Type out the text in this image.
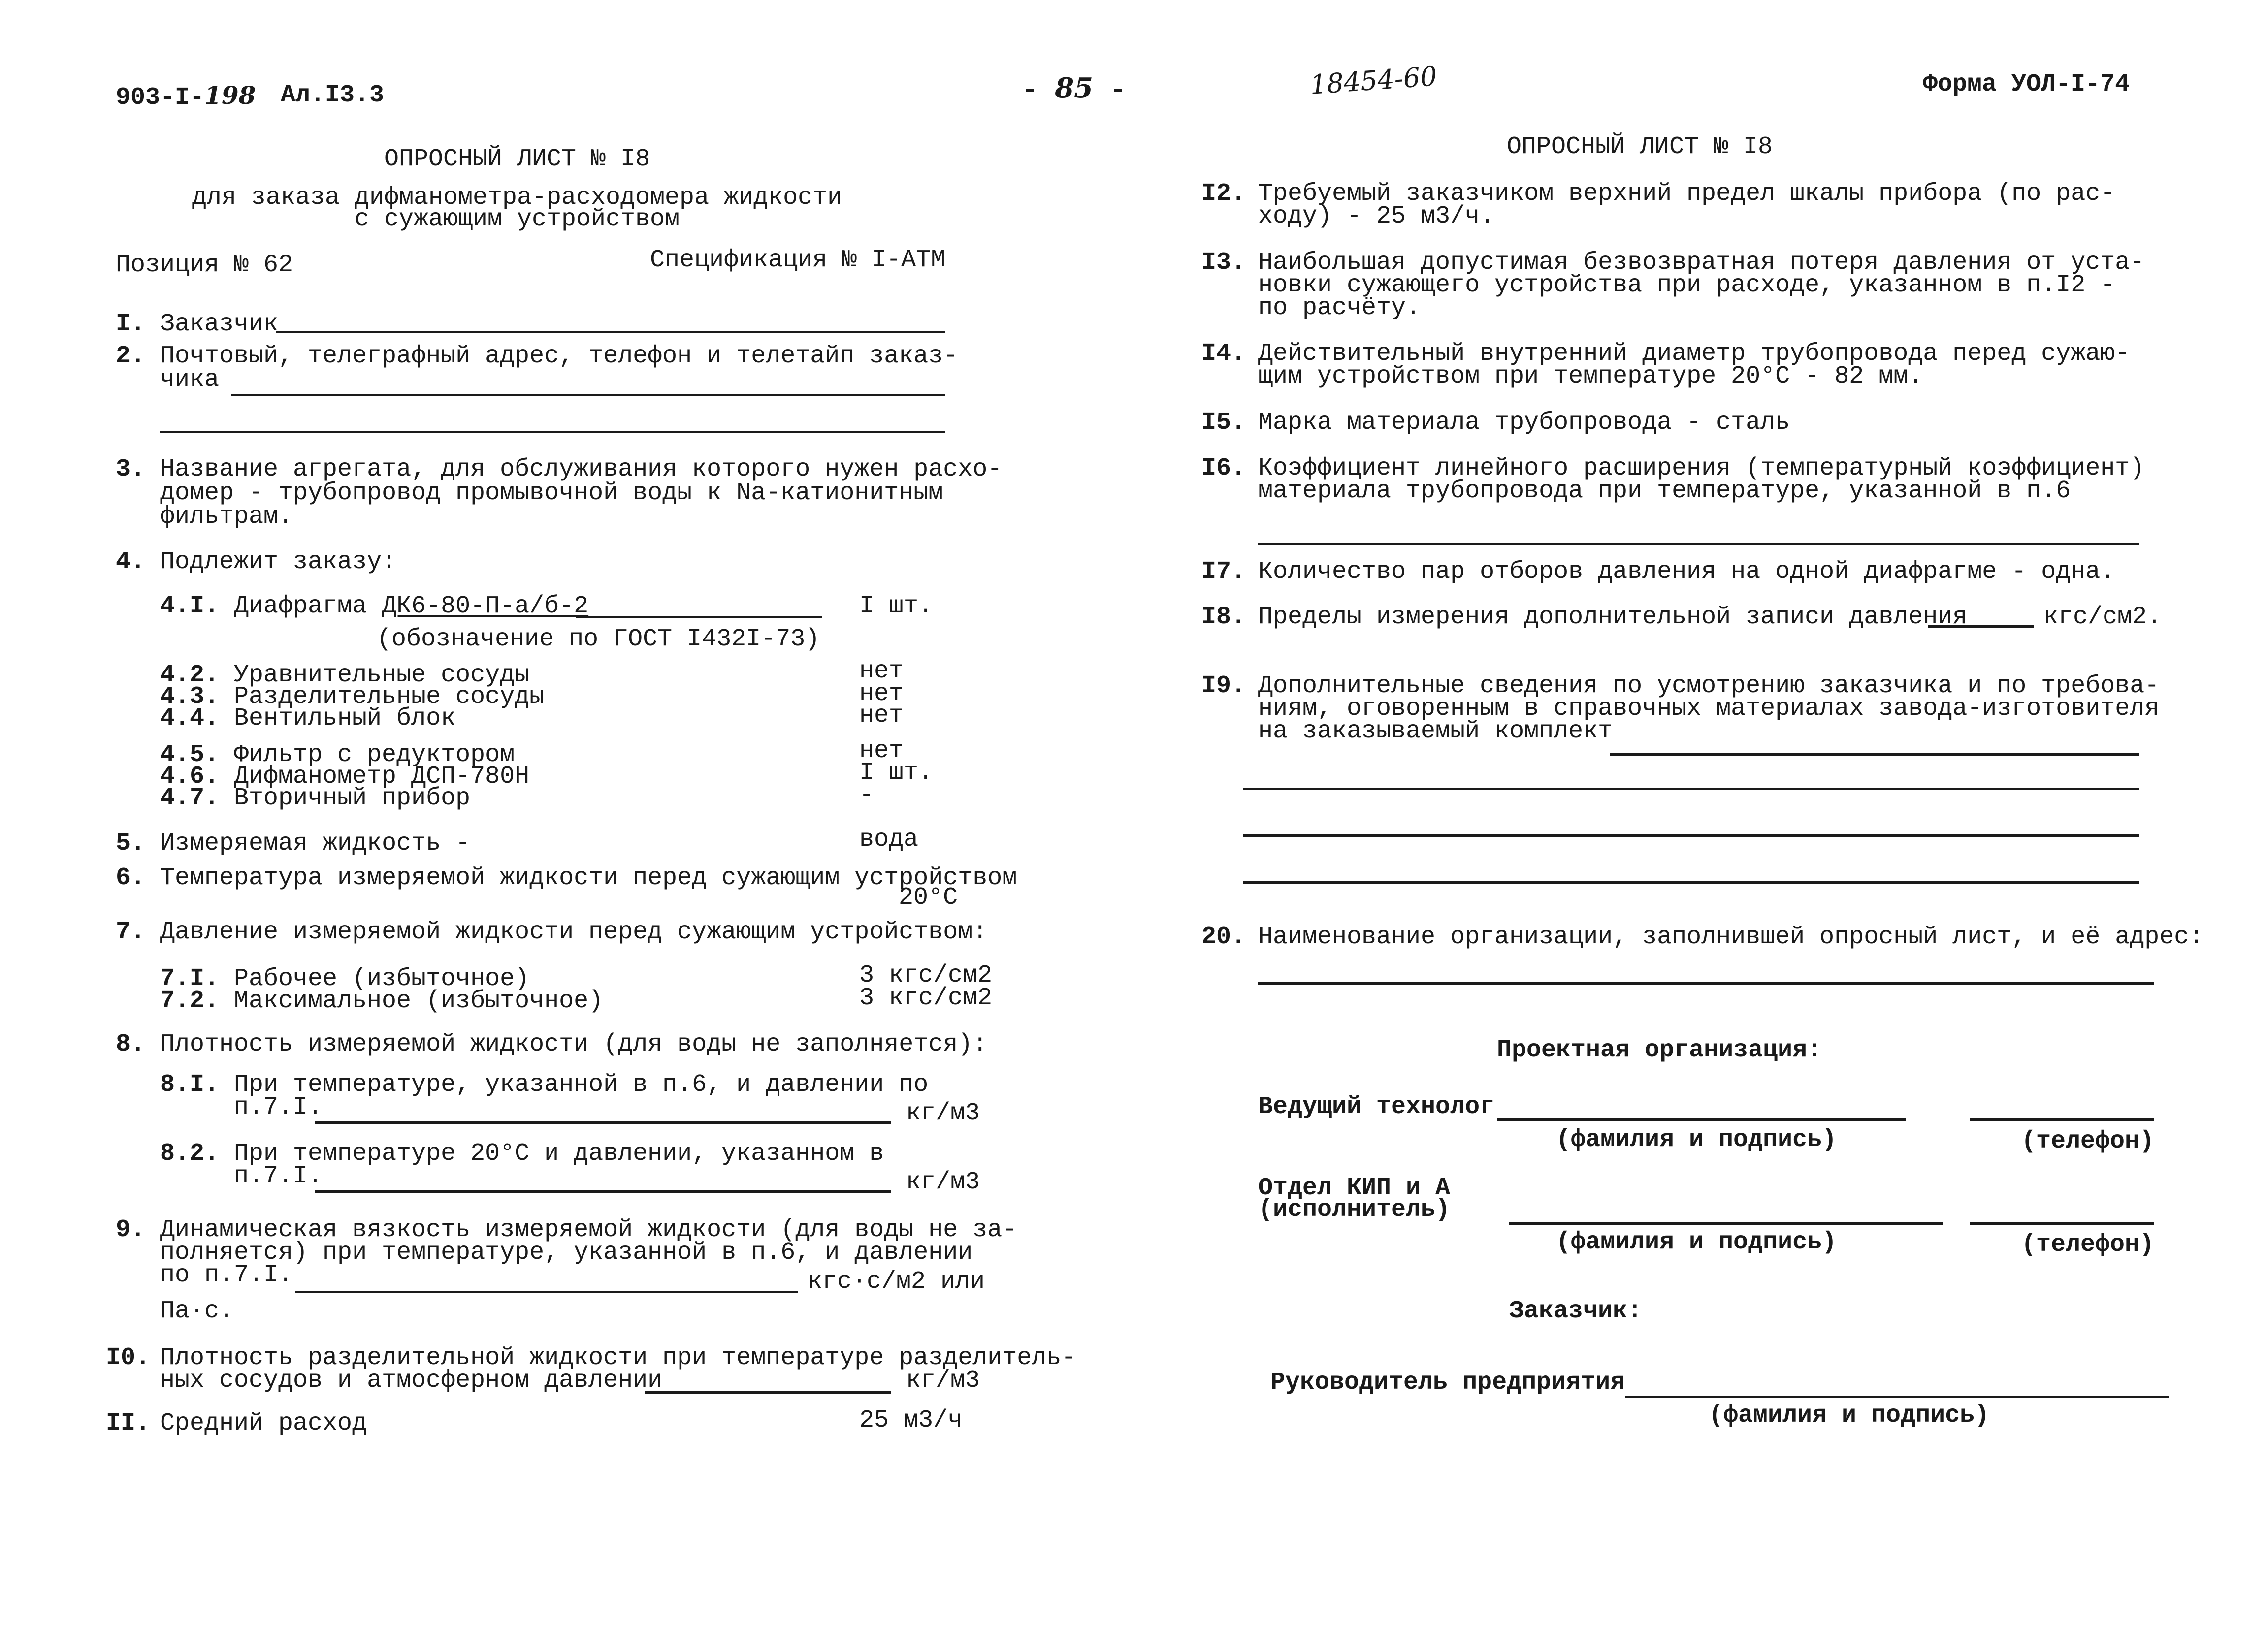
903-I-198 Ал.I3.3	- 85 -	18454-60	Форма УОЛ-I-74
ОПРОСНЫЙ ЛИСТ № I8
для заказа дифманометра-расходомера жидкости
с сужающим устройством
Позиция № 62	Спецификация № I-АТМ
I. Заказчик
2. Почтовый, телеграфный адрес, телефон и телетайп заказ-
чика
3. Название агрегата, для обслуживания которого нужен расхо-
домер - трубопровод промывочной воды к Nа-катионитным
фильтрам.
4. Подлежит заказу:
4.I. Диафрагма ДК6-80-П-а/б-2	I шт.
(обозначение по ГОСТ I432I-73)
4.2. Уравнительные сосуды	нет
4.3. Разделительные сосуды	нет
4.4. Вентильный блок	нет
4.5. Фильтр с редуктором	нет
4.6. Дифманометр ДСП-780Н	I шт.
4.7. Вторичный прибор	-
5. Измеряемая жидкость -	вода
6. Температура измеряемой жидкости перед сужающим устройством
20°С
7. Давление измеряемой жидкости перед сужающим устройством:
7.I. Рабочее (избыточное)	3 кгс/см2
7.2. Максимальное (избыточное)	3 кгс/см2
8. Плотность измеряемой жидкости (для воды не заполняется):
8.I. При температуре, указанной в п.6, и давлении по
п.7.I.	кг/м3
8.2. При температуре 20°С и давлении, указанном в
п.7.I.	кг/м3
9. Динамическая вязкость измеряемой жидкости (для воды не за-
полняется) при температуре, указанной в п.6, и давлении
по п.7.I.	кгс·с/м2 или
Па·с.
I0. Плотность разделительной жидкости при температуре разделитель-
ных сосудов и атмосферном давлении	кг/м3
II. Средний расход	25 м3/ч
ОПРОСНЫЙ ЛИСТ № I8
I2. Требуемый заказчиком верхний предел шкалы прибора (по рас-
ходу) - 25 м3/ч.
I3. Наибольшая допустимая безвозвратная потеря давления от уста-
новки сужающего устройства при расходе, указанном в п.I2 -
по расчёту.
I4. Действительный внутренний диаметр трубопровода перед сужаю-
щим устройством при температуре 20°С - 82 мм.
I5. Марка материала трубопровода - сталь
I6. Коэффициент линейного расширения (температурный коэффициент)
материала трубопровода при температуре, указанной в п.6
I7. Количество пар отборов давления на одной диафрагме - одна.
I8. Пределы измерения дополнительной записи давления	кгс/см2.
I9. Дополнительные сведения по усмотрению заказчика и по требова-
ниям, оговоренным в справочных материалах завода-изготовителя
на заказываемый комплект
20. Наименование организации, заполнившей опросный лист, и её адрес:
Проектная организация:
Ведущий технолог
(фамилия и подпись)	(телефон)
Отдел КИП и А
(исполнитель)
(фамилия и подпись)	(телефон)
Заказчик:
Руководитель предприятия
(фамилия и подпись)
